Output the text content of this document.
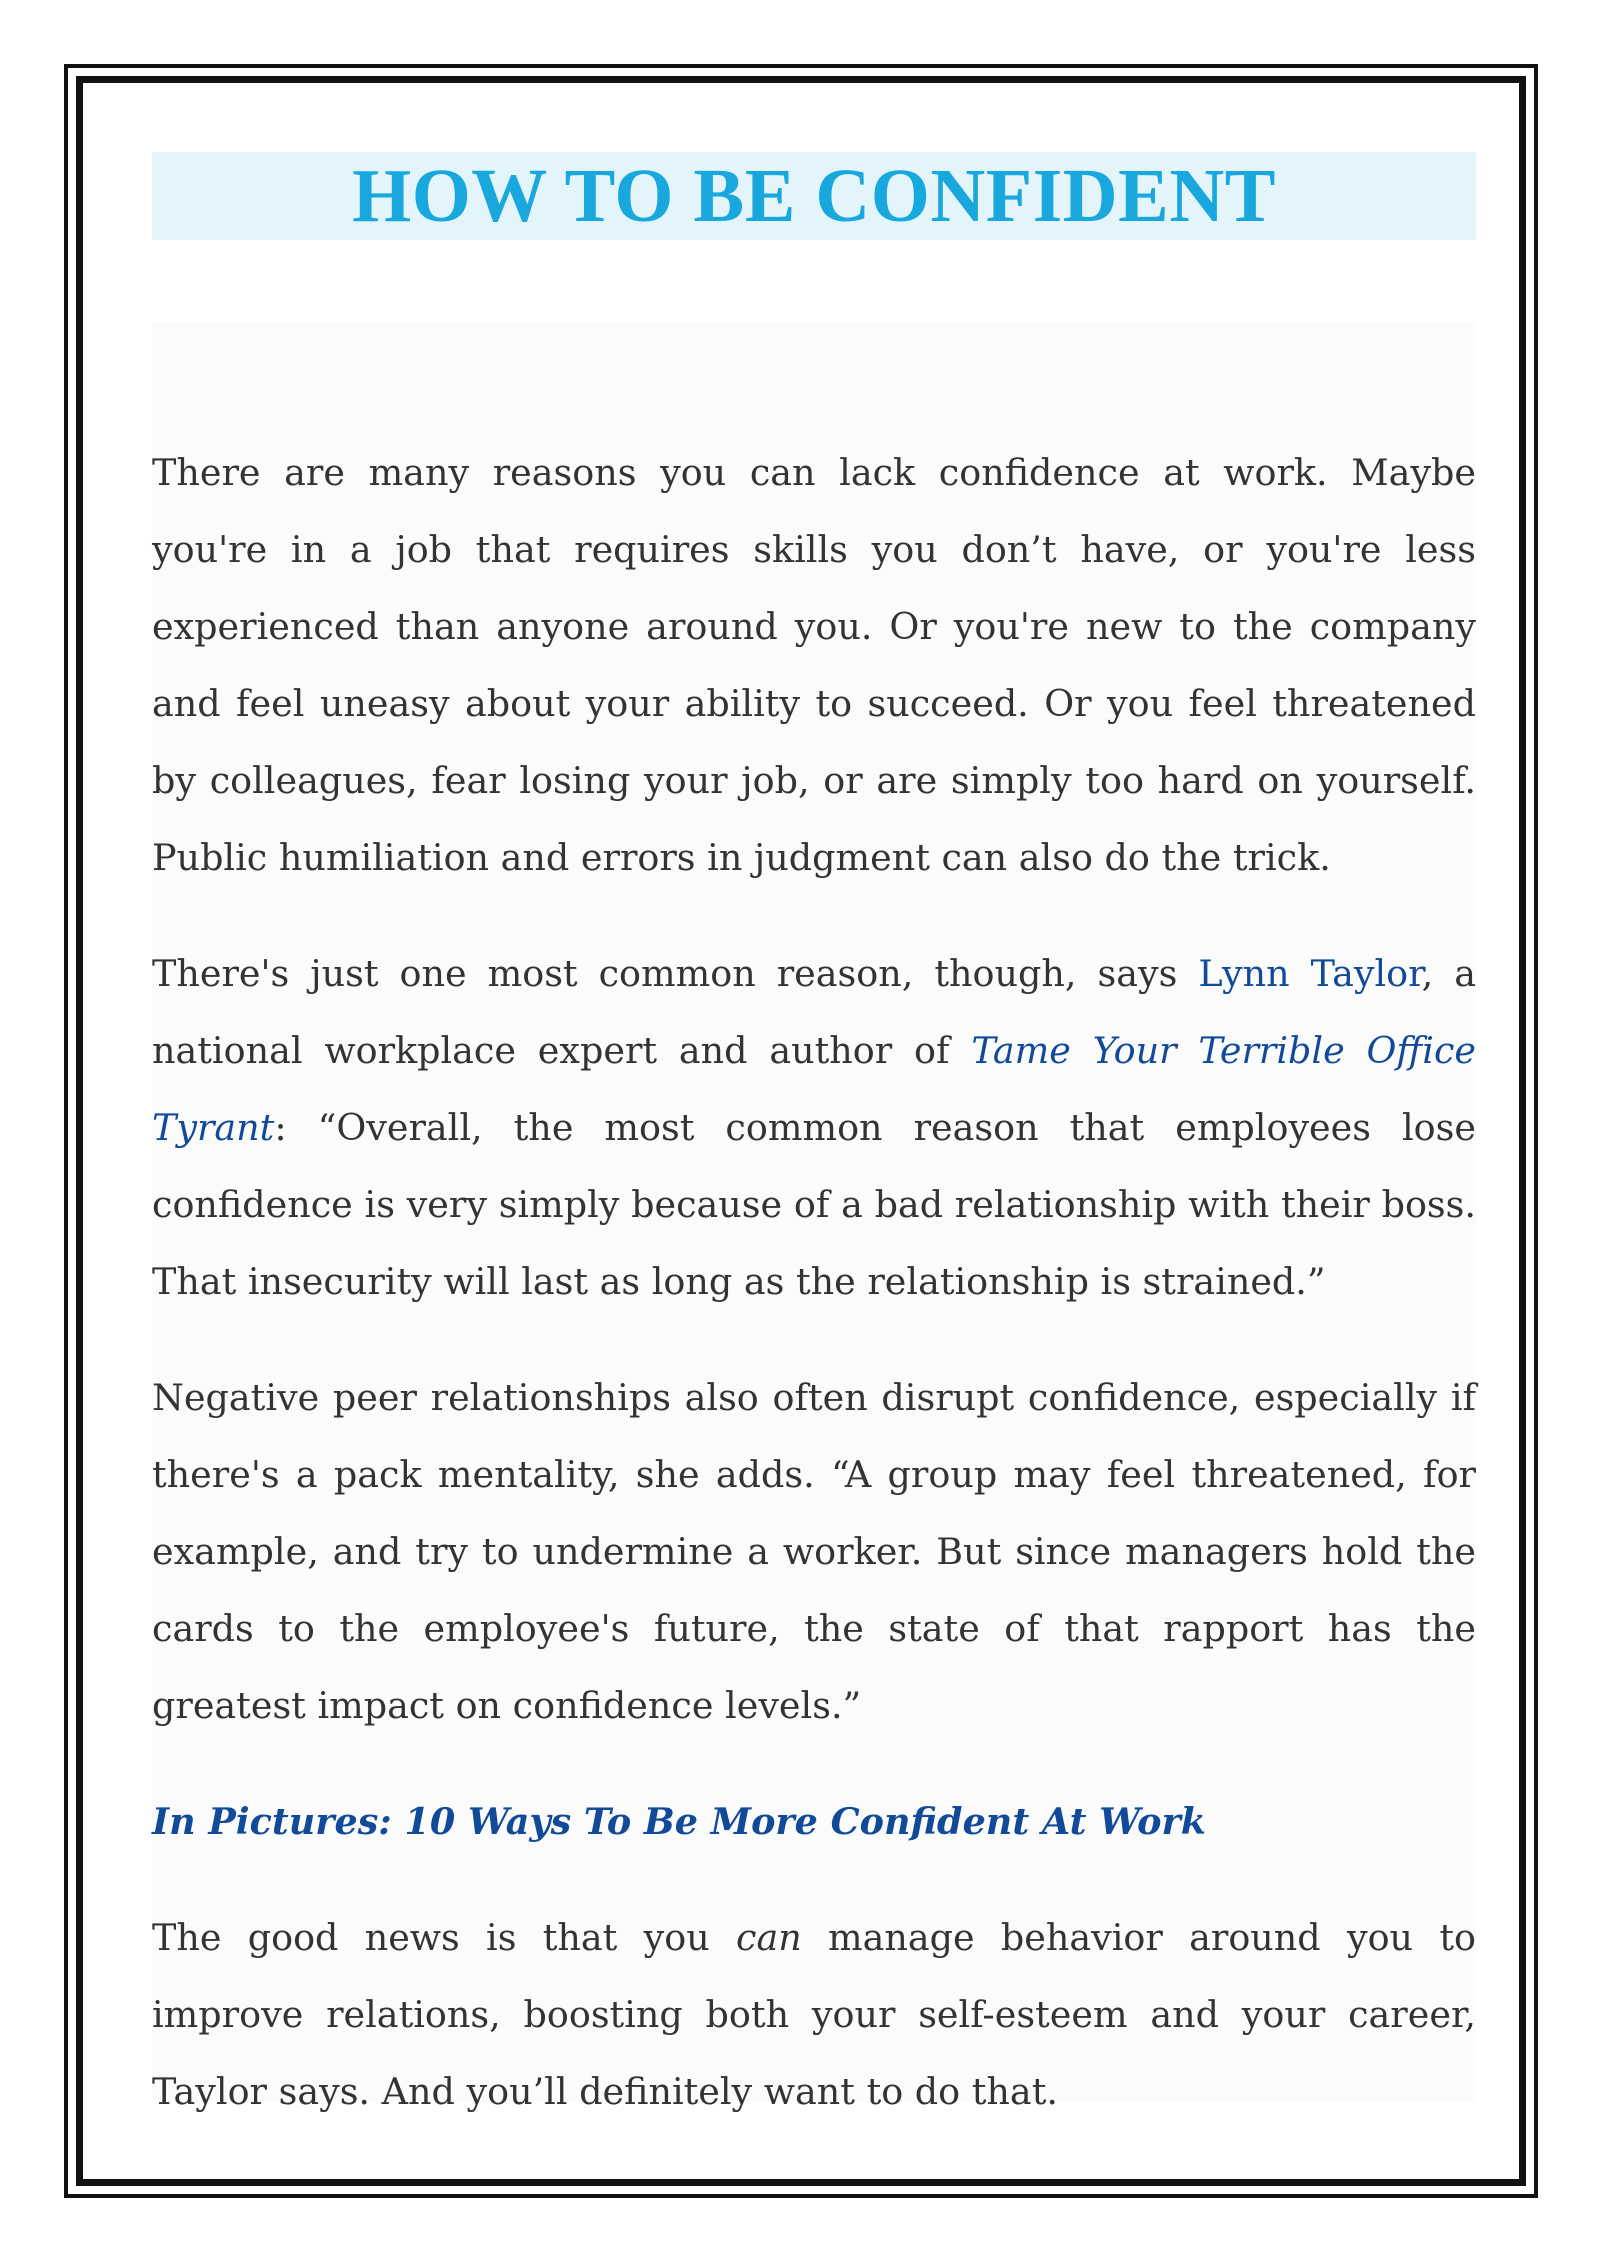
HOW TO BE CONFIDENT

There are many reasons you can lack confidence at work. Maybe you're in a job that requires skills you don’t have, or you're less experienced than anyone around you. Or you're new to the company and feel uneasy about your ability to succeed. Or you feel threatened by colleagues, fear losing your job, or are simply too hard on yourself. Public humiliation and errors in judgment can also do the trick.

There's just one most common reason, though, says Lynn Taylor, a national workplace expert and author of Tame Your Terrible Office Tyrant: “Overall, the most common reason that employees lose confidence is very simply because of a bad relationship with their boss. That insecurity will last as long as the relationship is strained.”

Negative peer relationships also often disrupt confidence, especially if there's a pack mentality, she adds. “A group may feel threatened, for example, and try to undermine a worker. But since managers hold the cards to the employee's future, the state of that rapport has the greatest impact on confidence levels.”

In Pictures: 10 Ways To Be More Confident At Work

The good news is that you can manage behavior around you to improve relations, boosting both your self-esteem and your career, Taylor says. And you’ll definitely want to do that.
